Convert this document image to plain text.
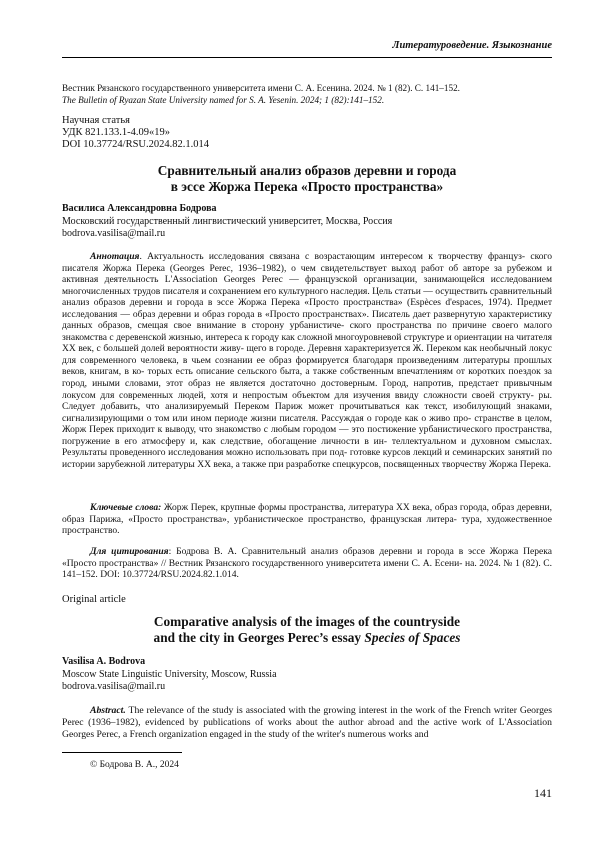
Литературоведение. Языкознание
Вестник Рязанского государственного университета имени С. А. Есенина. 2024. № 1 (82). С. 141–152.
The Bulletin of Ryazan State University named for S. A. Yesenin. 2024; 1 (82):141–152.
Научная статья
УДК 821.133.1-4.09«19»
DOI 10.37724/RSU.2024.82.1.014
Сравнительный анализ образов деревни и города
в эссе Жоржа Перека «Просто пространства»
Василиса Александровна Бодрова
Московский государственный лингвистический университет, Москва, Россия
bodrova.vasilisa@mail.ru
Аннотация. Актуальность исследования связана с возрастающим интересом к творчеству француз- ского писателя Жоржа Перека (Georges Perec, 1936–1982), о чем свидетельствует выход работ об авторе за рубежом и активная деятельность L'Association Georges Perec — французской организации, занимающейся исследованием многочисленных трудов писателя и сохранением его культурного наследия. Цель статьи — осуществить сравнительный анализ образов деревни и города в эссе Жоржа Перека «Просто пространства» (Espèces d'espaces, 1974). Предмет исследования — образ деревни и образ города в «Просто пространствах». Писатель дает развернутую характеристику данных образов, смещая свое внимание в сторону урбанистиче- ского пространства по причине своего малого знакомства с деревенской жизнью, интереса к городу как сложной многоуровневой структуре и ориентации на читателя XX век, с большей долей вероятности живу- щего в городе. Деревня характеризуется Ж. Переком как необычный локус для современного человека, в чьем сознании ее образ формируется благодаря произведениям литературы прошлых веков, книгам, в ко- торых есть описание сельского быта, а также собственным впечатлениям от коротких поездок за город, иными словами, этот образ не является достаточно достоверным. Город, напротив, предстает привычным локусом для современных людей, хотя и непростым объектом для изучения ввиду сложности своей структу- ры. Следует добавить, что анализируемый Переком Париж может прочитываться как текст, изобилующий знаками, сигнализирующими о том или ином периоде жизни писателя. Рассуждая о городе как о живо про- странстве в целом, Жорж Перек приходит к выводу, что знакомство с любым городом — это постижение урбанистического пространства, погружение в его атмосферу и, как следствие, обогащение личности в ин- теллектуальном и духовном смыслах. Результаты проведенного исследования можно использовать при под- готовке курсов лекций и семинарских занятий по истории зарубежной литературы XX века, а также при разработке спецкурсов, посвященных творчеству Жоржа Перека.
Ключевые слова: Жорж Перек, крупные формы пространства, литература XX века, образ города, образ деревни, образ Парижа, «Просто пространства», урбанистическое пространство, французская литера- тура, художественное пространство.
Для цитирования: Бодрова В. А. Сравнительный анализ образов деревни и города в эссе Жоржа Перека «Просто пространства» // Вестник Рязанского государственного университета имени С. А. Есени- на. 2024. № 1 (82). С. 141–152. DOI: 10.37724/RSU.2024.82.1.014.
Original article
Comparative analysis of the images of the countryside
and the city in Georges Perec’s essay Species of Spaces
Vasilisa A. Bodrova
Moscow State Linguistic University, Moscow, Russia
bodrova.vasilisa@mail.ru
Abstract. The relevance of the study is associated with the growing interest in the work of the French writer Georges Perec (1936–1982), evidenced by publications of works about the author abroad and the active work of L'Association Georges Perec, a French organization engaged in the study of the writer's numerous works and
© Бодрова В. А., 2024
141
